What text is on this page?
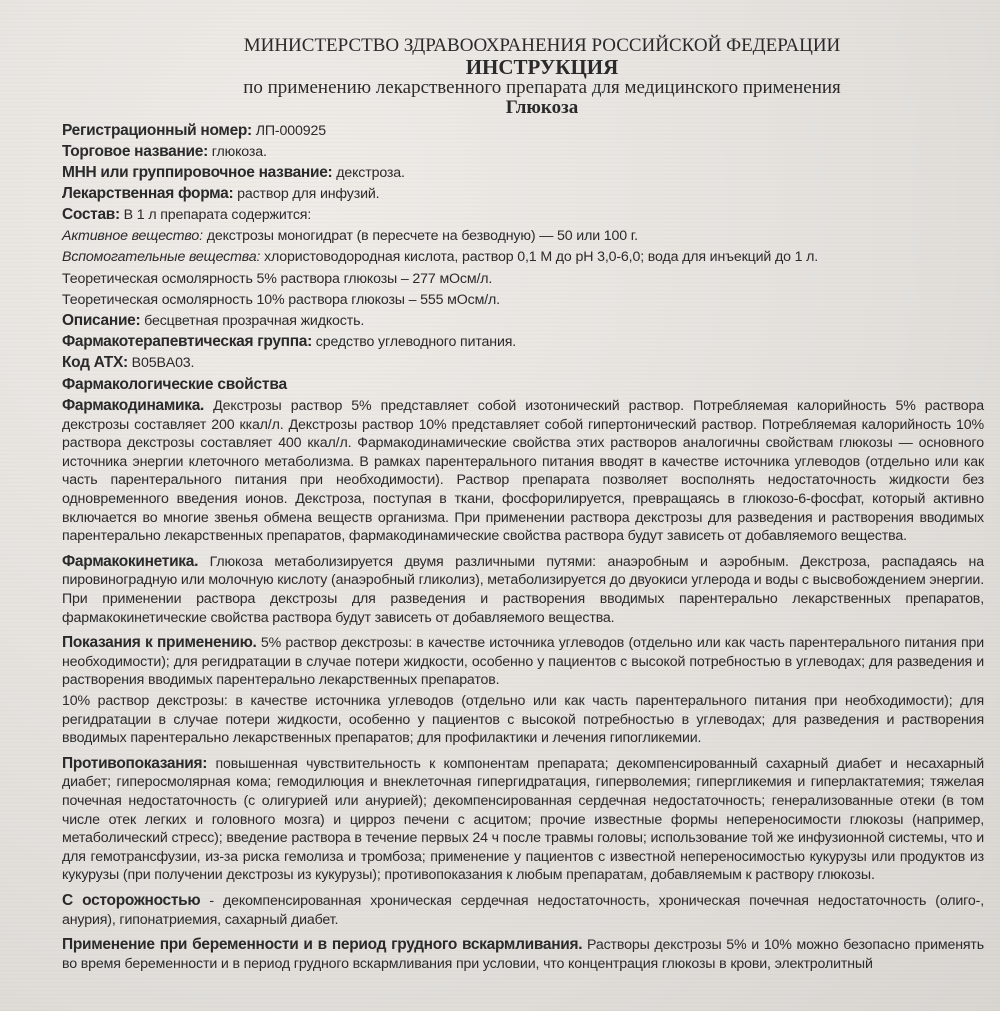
МИНИСТЕРСТВО ЗДРАВООХРАНЕНИЯ РОССИЙСКОЙ ФЕДЕРАЦИИ
ИНСТРУКЦИЯ
по применению лекарственного препарата для медицинского применения
Глюкоза
Регистрационный номер: ЛП-000925
Торговое название: глюкоза.
МНН или группировочное название: декстроза.
Лекарственная форма: раствор для инфузий.
Состав: В 1 л препарата содержится:
Активное вещество: декстрозы моногидрат (в пересчете на безводную) — 50 или 100 г.
Вспомогательные вещества: хлористоводородная кислота, раствор 0,1 М до рН 3,0-6,0; вода для инъекций до 1 л.
Теоретическая осмолярность 5% раствора глюкозы – 277 мОсм/л.
Теоретическая осмолярность 10% раствора глюкозы – 555 мОсм/л.
Описание: бесцветная прозрачная жидкость.
Фармакотерапевтическая группа: средство углеводного питания.
Код АТХ: B05BA03.
Фармакологические свойства

Фармакодинамика. Декстрозы раствор 5% представляет собой изотонический раствор. Потребляемая калорийность 5% раствора декстрозы составляет 200 ккал/л. Декстрозы раствор 10% представляет собой гипертонический раствор. Потребляемая калорийность 10% раствора декстрозы составляет 400 ккал/л. Фармакодинамические свойства этих растворов аналогичны свойствам глюкозы — основного источника энергии клеточного метаболизма. В рамках парентерального питания вводят в качестве источника углеводов (отдельно или как часть парентерального питания при необходимости). Раствор препарата позволяет восполнять недостаточность жидкости без одновременного введения ионов. Декстроза, поступая в ткани, фосфорилируется, превращаясь в глюкозо-6-фосфат, который активно включается во многие звенья обмена веществ организма. При применении раствора декстрозы для разведения и растворения вводимых парентерально лекарственных препаратов, фармакодинамические свойства раствора будут зависеть от добавляемого вещества.

Фармакокинетика. Глюкоза метаболизируется двумя различными путями: анаэробным и аэробным. Декстроза, распадаясь на пировиноградную или молочную кислоту (анаэробный гликолиз), метаболизируется до двуокиси углерода и воды с высвобождением энергии. При применении раствора декстрозы для разведения и растворения вводимых парентерально лекарственных препаратов, фармакокинетические свойства раствора будут зависеть от добавляемого вещества.

Показания к применению. 5% раствор декстрозы: в качестве источника углеводов (отдельно или как часть парентерального питания при необходимости); для регидратации в случае потери жидкости, особенно у пациентов с высокой потребностью в углеводах; для разведения и растворения вводимых парентерально лекарственных препаратов.

10% раствор декстрозы: в качестве источника углеводов (отдельно или как часть парентерального питания при необходимости); для регидратации в случае потери жидкости, особенно у пациентов с высокой потребностью в углеводах; для разведения и растворения вводимых парентерально лекарственных препаратов; для профилактики и лечения гипогликемии.

Противопоказания: повышенная чувствительность к компонентам препарата; декомпенсированный сахарный диабет и несахарный диабет; гиперосмолярная кома; гемодилюция и внеклеточная гипергидратация, гиперволемия; гипергликемия и гиперлактатемия; тяжелая почечная недостаточность (с олигурией или анурией); декомпенсированная сердечная недостаточность; генерализованные отеки (в том числе отек легких и головного мозга) и цирроз печени с асцитом; прочие известные формы непереносимости глюкозы (например, метаболический стресс); введение раствора в течение первых 24 ч после травмы головы; использование той же инфузионной системы, что и для гемотрансфузии, из-за риска гемолиза и тромбоза; применение у пациентов с известной непереносимостью кукурузы или продуктов из кукурузы (при получении декстрозы из кукурузы); противопоказания к любым препаратам, добавляемым к раствору глюкозы.

С осторожностью - декомпенсированная хроническая сердечная недостаточность, хроническая почечная недостаточность (олиго-, анурия), гипонатриемия, сахарный диабет.

Применение при беременности и в период грудного вскармливания. Растворы декстрозы 5% и 10% можно безопасно применять во время беременности и в период грудного вскармливания при условии, что концентрация глюкозы в крови, электролитный
